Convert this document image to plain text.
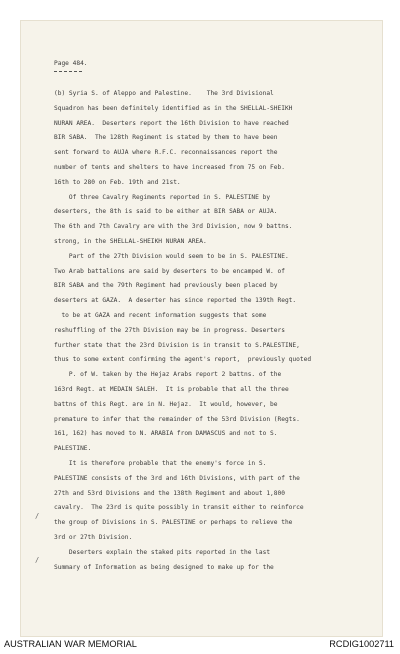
Page 484.
(b) Syria S. of Aleppo and Palestine.    The 3rd Divisional
Squadron has been definitely identified as in the SHELLAL-SHEIKH
NURAN AREA.  Deserters report the 16th Division to have reached
BIR SABA.  The 128th Regiment is stated by them to have been
sent forward to AUJA where R.F.C. reconnaissances report the
number of tents and shelters to have increased from 75 on Feb.
16th to 280 on Feb. 19th and 21st.
Of three Cavalry Regiments reported in S. PALESTINE by
deserters, the 8th is said to be either at BIR SABA or AUJA.
The 6th and 7th Cavalry are with the 3rd Division, now 9 battns.
strong, in the SHELLAL-SHEIKH NURAN AREA.
Part of the 27th Division would seem to be in S. PALESTINE.
Two Arab battalions are said by deserters to be encamped W. of
BIR SABA and the 79th Regiment had previously been placed by
deserters at GAZA.  A deserter has since reported the 139th Regt.
to be at GAZA and recent information suggests that some
reshuffling of the 27th Division may be in progress. Deserters
further state that the 23rd Division is in transit to S.PALESTINE,
thus to some extent confirming the agent's report,  previously quoted
P. of W. taken by the Hejaz Arabs report 2 battns. of the
163rd Regt. at MEDAIN SALEH.  It is probable that all the three
battns of this Regt. are in N. Hejaz.  It would, however, be
premature to infer that the remainder of the 53rd Division (Regts.
161, 162) has moved to N. ARABIA from DAMASCUS and not to S.
PALESTINE.
It is therefore probable that the enemy's force in S.
PALESTINE consists of the 3rd and 16th Divisions, with part of the
27th and 53rd Divisions and the 138th Regiment and about 1,800
cavalry.  The 23rd is quite possibly in transit either to reinforce
the group of Divisions in S. PALESTINE or perhaps to relieve the
3rd or 27th Division.
Deserters explain the staked pits reported in the last
Summary of Information as being designed to make up for the
/
/
AUSTRALIAN WAR MEMORIAL	RCDIG1002711
